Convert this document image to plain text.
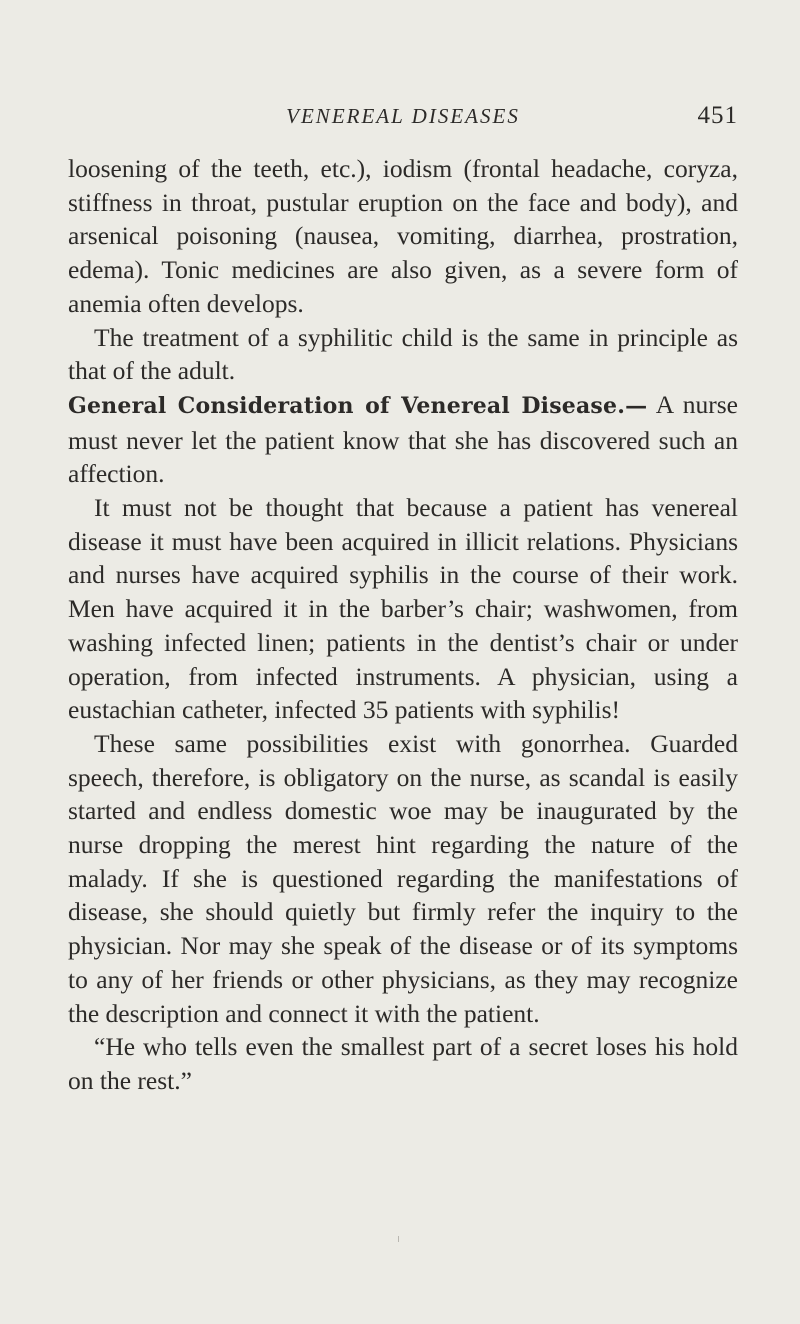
VENEREAL DISEASES	451

loosening of the teeth, etc.), iodism (frontal headache, coryza, stiffness in throat, pustular eruption on the face and body), and arsenical poisoning (nausea, vomiting, diarrhea, prostration, edema). Tonic medicines are also given, as a severe form of anemia often develops.

The treatment of a syphilitic child is the same in principle as that of the adult.

General Consideration of Venereal Disease.— A nurse must never let the patient know that she has discovered such an affection.

It must not be thought that because a patient has venereal disease it must have been acquired in illicit relations. Physicians and nurses have acquired syphilis in the course of their work. Men have acquired it in the barber’s chair; washwomen, from washing infected linen; patients in the dentist’s chair or under operation, from infected instruments. A physician, using a eustachian catheter, infected 35 patients with syphilis!

These same possibilities exist with gonorrhea. Guarded speech, therefore, is obligatory on the nurse, as scandal is easily started and endless domestic woe may be inaugurated by the nurse dropping the merest hint regarding the nature of the malady. If she is questioned regarding the manifestations of disease, she should quietly but firmly refer the inquiry to the physician. Nor may she speak of the disease or of its symptoms to any of her friends or other physicians, as they may recognize the description and connect it with the patient.

“He who tells even the smallest part of a secret loses his hold on the rest.”
